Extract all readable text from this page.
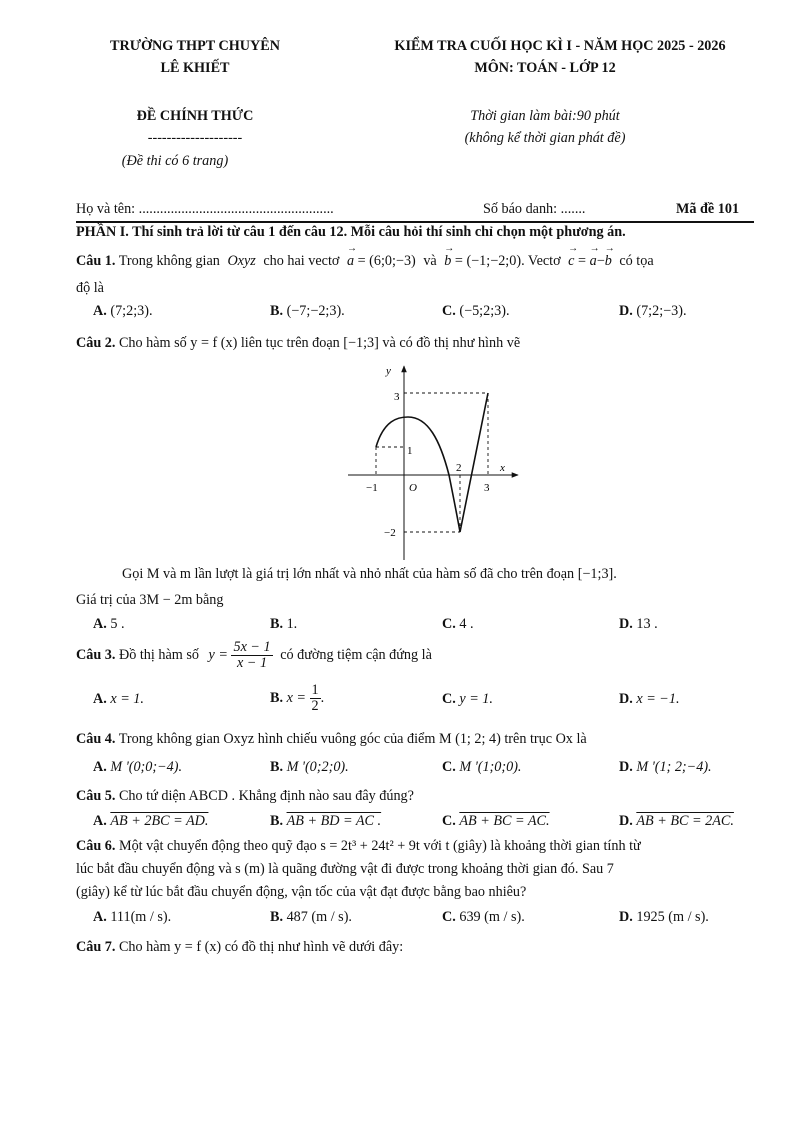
TRƯỜNG THPT CHUYÊN
LÊ KHIẾT
KIỂM TRA CUỐI HỌC KÌ I - NĂM HỌC 2025 - 2026
MÔN: TOÁN - LỚP 12
ĐỀ CHÍNH THỨC
--------------------
(Đề thi có 6 trang)
Thời gian làm bài:90 phút
(không kể thời gian phát đề)
Họ và tên: .......................................................	Số báo danh: .......	Mã đề 101
PHẦN I. Thí sinh trả lời từ câu 1 đến câu 12. Mỗi câu hỏi thí sinh chỉ chọn một phương án.
Câu 1. Trong không gian Oxyz cho hai vectơ → a = (6;0;−3) và → b = (−1;−2;0). Vectơ → c = → a−→ b có tọa
độ là
A. (7;2;3).	B. (−7;−2;3).	C. (−5;2;3).	D. (7;2;−3).
Câu 2. Cho hàm số y = f (x) liên tục trên đoạn [−1;3] và có đồ thị như hình vẽ
y
x
3
1
2
−1	O	3
−2
Gọi M và m lần lượt là giá trị lớn nhất và nhỏ nhất của hàm số đã cho trên đoạn [−1;3].
Giá trị của 3M − 2m bằng
A. 5 .	B. 1.	C. 4 .	D. 13 .
Câu 3. Đồ thị hàm số $y = \frac{5x - 1}{x - 1}$ có đường tiệm cận đứng là
A. x = 1.	B. $x = \frac{1}{2}$ .	C. y = 1.	D. x = −1.
Câu 4. Trong không gian Oxyz hình chiếu vuông góc của điểm M (1; 2; 4) trên trục Ox là
A. M '(0;0;−4).	B. M '(0;2;0).	C. M '(1;0;0).	D. M '(1; 2;−4).
Câu 5. Cho tứ diện ABCD . Khẳng định nào sau đây đúng?
A. AB + 2BC = AD.	B. AB + BD = AC .	C. AB + BC = AC.	D. AB + BC = 2AC.
Câu 6. Một vật chuyển động theo quỹ đạo s = 2t³ + 24t² + 9t với t (giây) là khoảng thời gian tính từ
lúc bắt đầu chuyển động và s (m) là quãng đường vật đi được trong khoảng thời gian đó. Sau 7
(giây) kể từ lúc bắt đầu chuyển động, vận tốc của vật đạt được bằng bao nhiêu?
A. 111(m / s).	B. 487 (m / s).	C. 639 (m / s).	D. 1925 (m / s).
Câu 7. Cho hàm y = f (x) có đồ thị như hình vẽ dưới đây:
